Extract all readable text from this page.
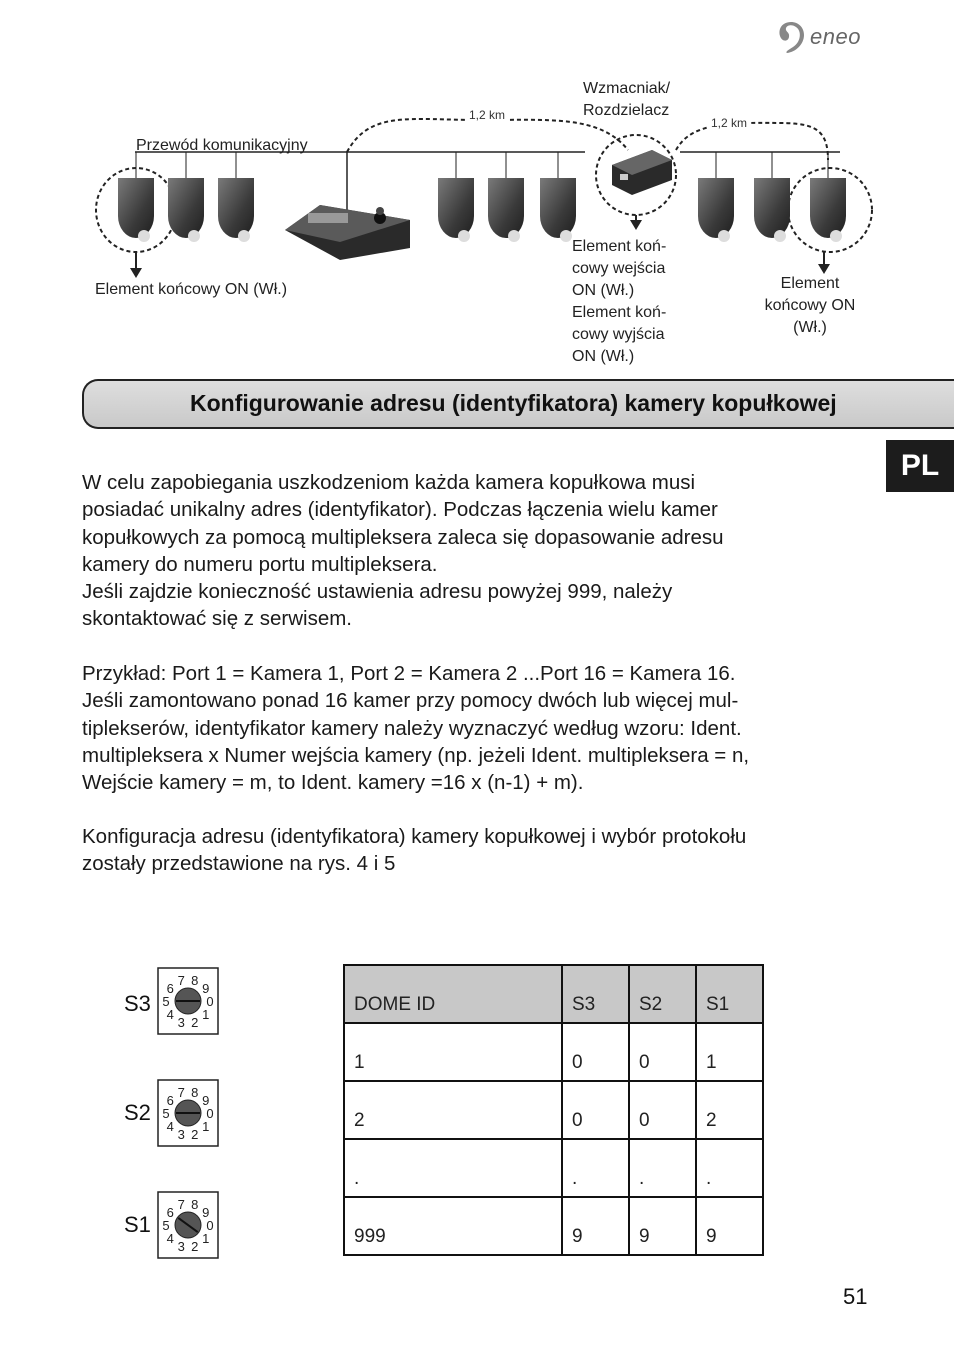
eneo
Przewód komunikacyjny
Wzmacniak/
Rozdzielacz
1,2 km
1,2 km
Element końcowy ON (Wł.)
Element koń-
cowy wejścia
ON (Wł.)
Element koń-
cowy wyjścia
ON (Wł.)
Element
końcowy ON
(Wł.)
Konfigurowanie adresu (identyfikatora) kamery kopułkowej
PL

W celu zapobiegania uszkodzeniom każda kamera kopułkowa musi
posiadać unikalny adres (identyfikator). Podczas łączenia wielu kamer
kopułkowych za pomocą multipleksera zaleca się dopasowanie adresu
kamery do numeru portu multipleksera.
Jeśli zajdzie konieczność ustawienia adresu powyżej 999, należy
skontaktować się z serwisem.

Przykład: Port 1 = Kamera 1, Port 2 = Kamera 2 ...Port 16 = Kamera 16.
Jeśli zamontowano ponad 16 kamer przy pomocy dwóch lub więcej mul-
tiplekserów, identyfikator kamery należy wyznaczyć według wzoru: Ident.
multipleksera x Numer wejścia kamery (np. jeżeli Ident. multipleksera = n,
Wejście kamery = m, to Ident. kamery =16 x (n-1) + m).

Konfiguracja adresu (identyfikatora) kamery kopułkowej i wybór protokołu
zostały przedstawione na rys. 4 i 5

S3	0
1
2
3
4
5
6
7 8
9
S2	0
1
2
3
4
5
6
7 8
9
S1	0
1
2
3
4
5
6
7 8
9
DOME ID	S3	S2	S1
1	0	0	1
2	0	0	2
.	.	.	.
999	9	9	9
51
